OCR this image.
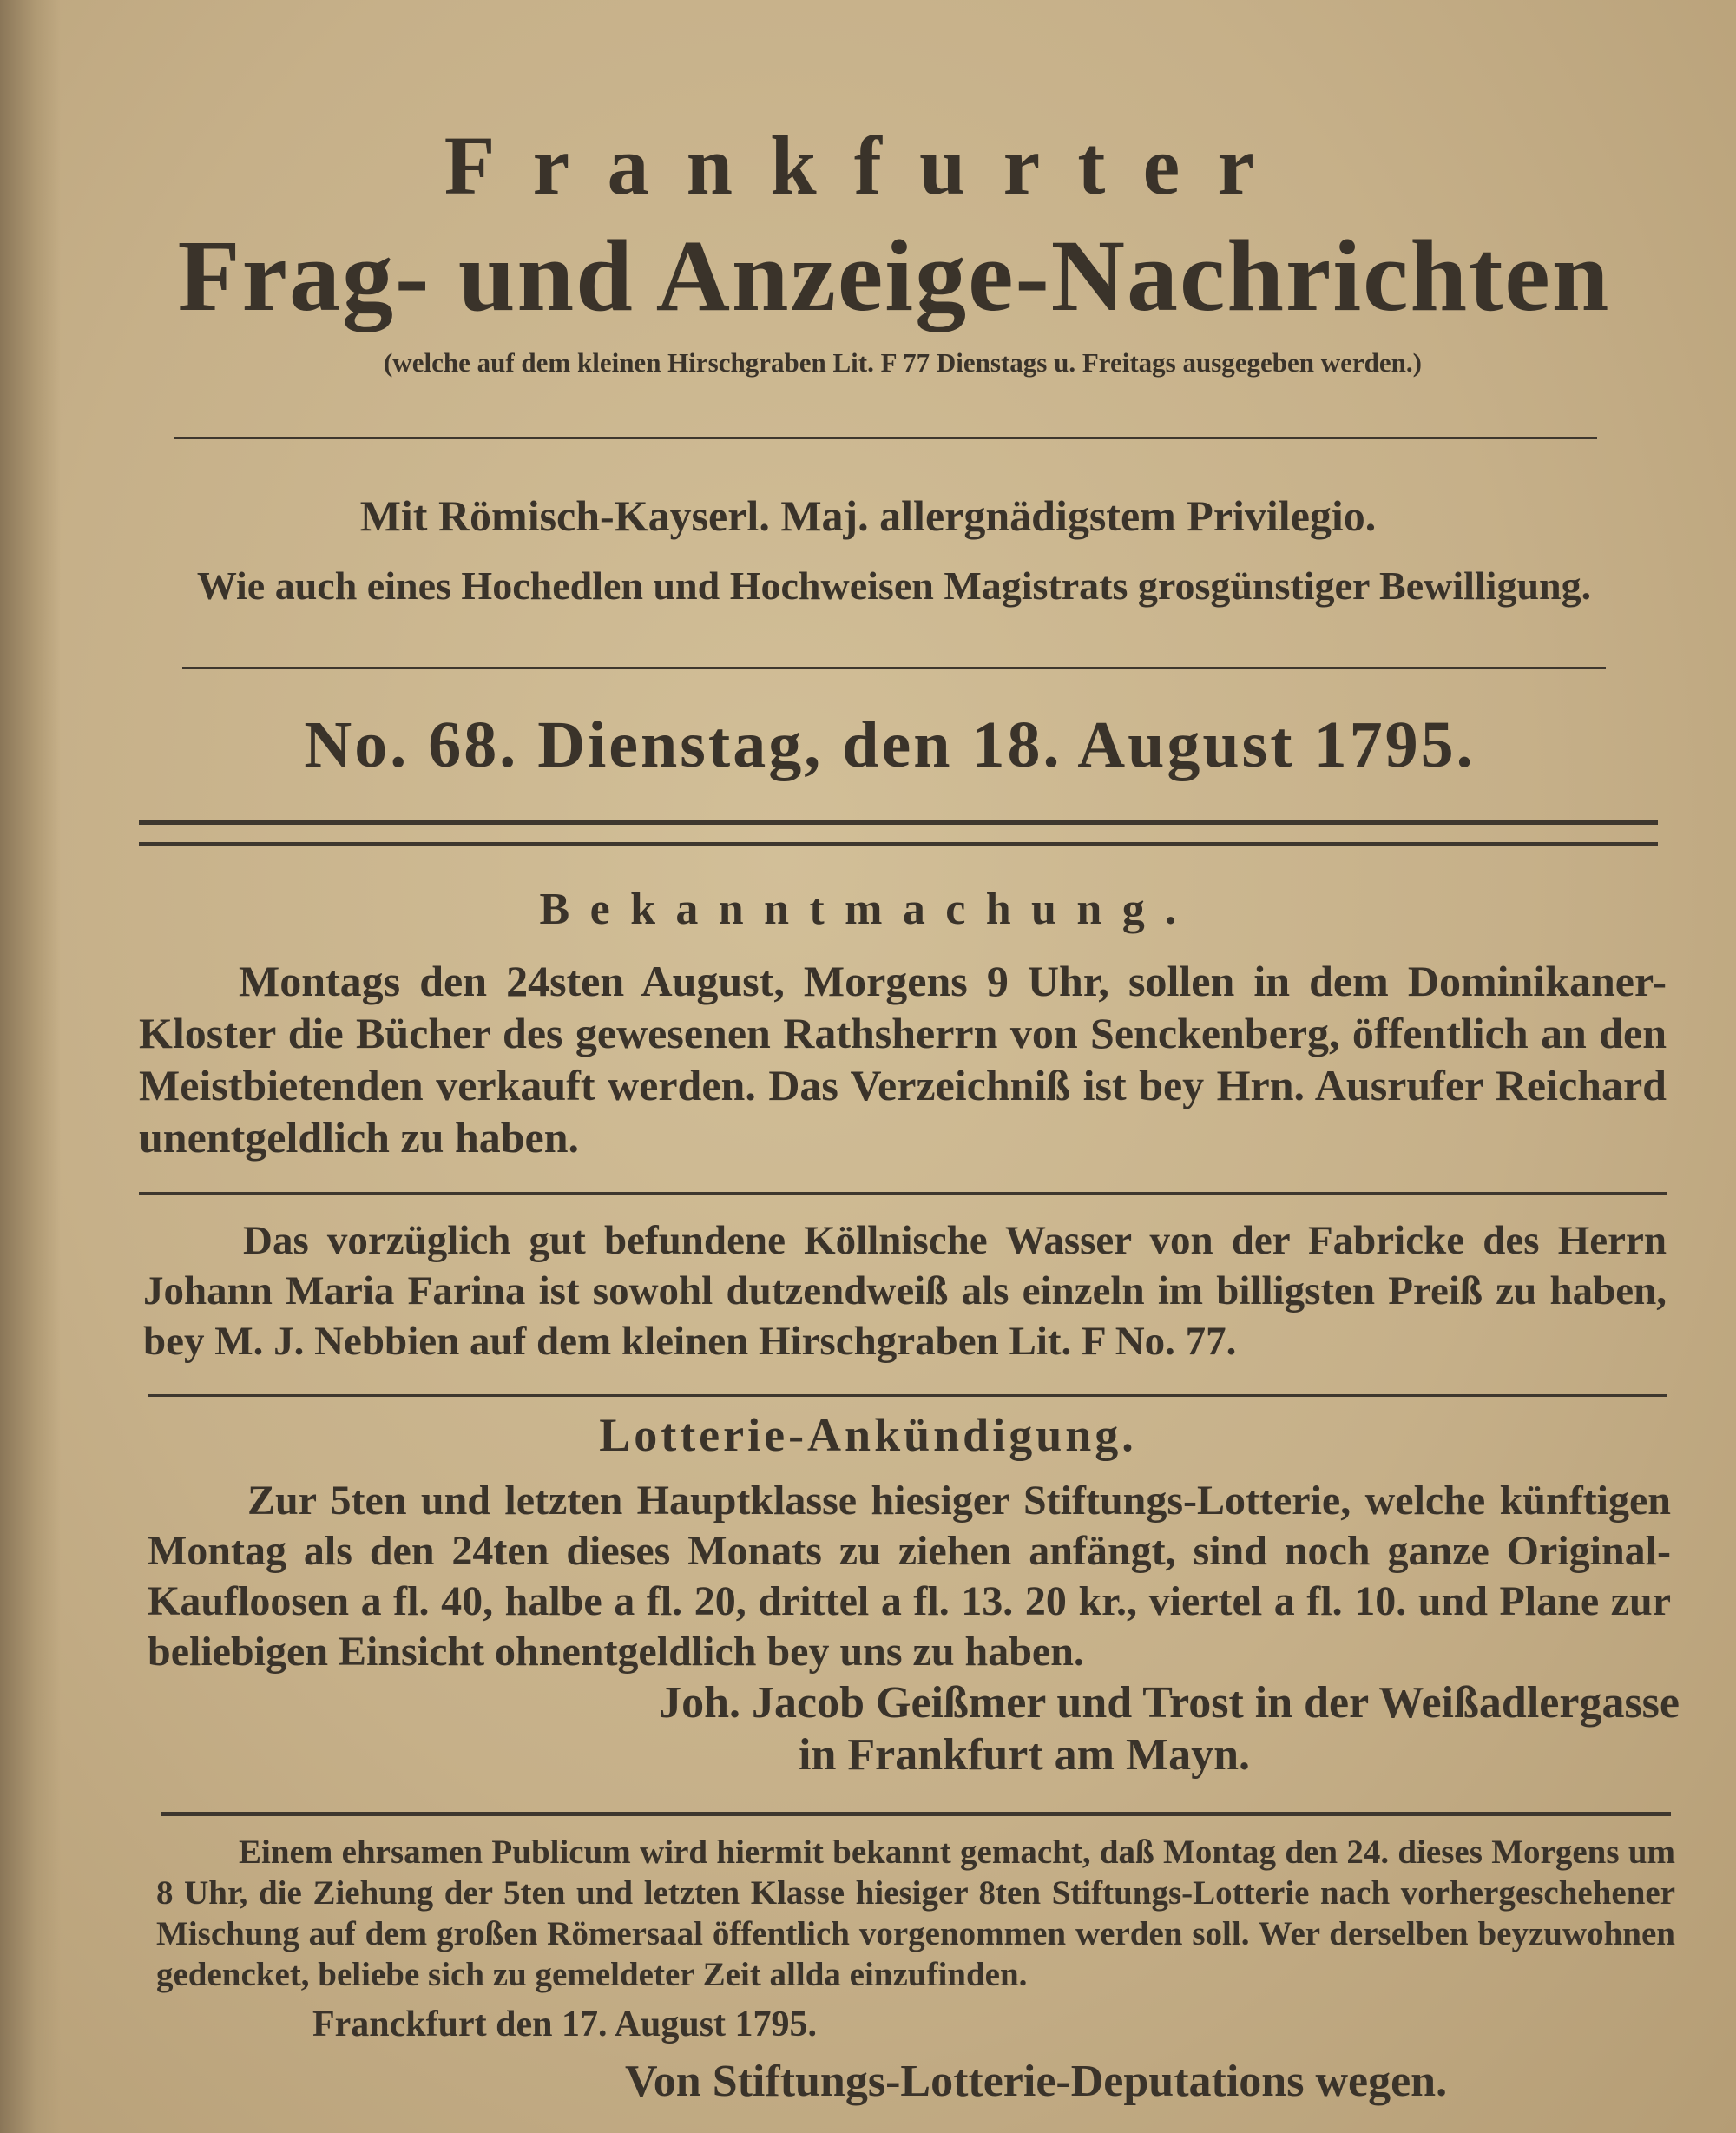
Frankfurter
Frag- und Anzeige-Nachrichten
(welche auf dem kleinen Hirschgraben Lit. F 77 Dienstags u. Freitags ausgegeben werden.)
Mit Römisch-Kayserl. Maj. allergnädigstem Privilegio.
Wie auch eines Hochedlen und Hochweisen Magistrats grosgünstiger Bewilligung.
No. 68. Dienstag, den 18. August 1795.
Bekanntmachung.
Montags den 24sten August, Morgens 9 Uhr, sollen in dem Dominikaner-Kloster die Bücher des gewesenen Rathsherrn von Senckenberg, öffentlich an den Meistbietenden verkauft werden. Das Verzeichniß ist bey Hrn. Ausrufer Reichard unentgeldlich zu haben.
Das vorzüglich gut befundene Köllnische Wasser von der Fabricke des Herrn Johann Maria Farina ist sowohl dutzendweiß als einzeln im billigsten Preiß zu haben, bey M. J. Nebbien auf dem kleinen Hirschgraben Lit. F No. 77.
Lotterie-Ankündigung.
Zur 5ten und letzten Hauptklasse hiesiger Stiftungs-Lotterie, welche künftigen Montag als den 24ten dieses Monats zu ziehen anfängt, sind noch ganze Original-Kaufloosen a fl. 40, halbe a fl. 20, drittel a fl. 13. 20 kr., viertel a fl. 10. und Plane zur beliebigen Einsicht ohnentgeldlich bey uns zu haben.
Joh. Jacob Geißmer und Trost in der Weißadlergasse
in Frankfurt am Mayn.
Einem ehrsamen Publicum wird hiermit bekannt gemacht, daß Montag den 24. dieses Morgens um 8 Uhr, die Ziehung der 5ten und letzten Klasse hiesiger 8ten Stiftungs-Lotterie nach vorhergeschehener Mischung auf dem großen Römersaal öffentlich vorgenommen werden soll. Wer derselben beyzuwohnen gedencket, beliebe sich zu gemeldeter Zeit allda einzufinden.
Franckfurt den 17. August 1795.
Von Stiftungs-Lotterie-Deputations wegen.
